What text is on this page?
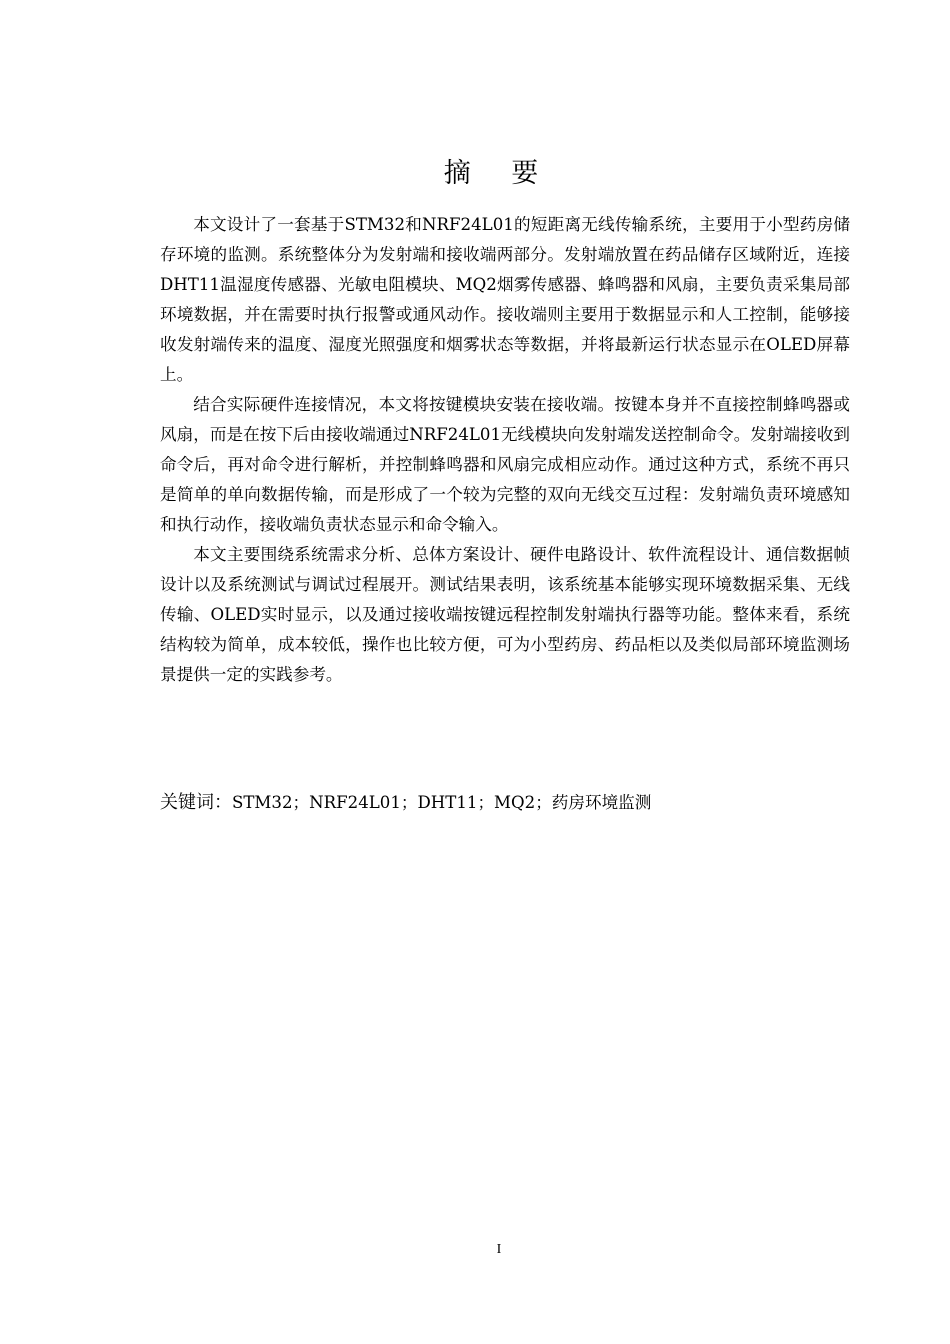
摘 要

本文设计了一套基于STM32和NRF24L01的短距离无线传输系统，主要用于小型药房储存环境的监测。系统整体分为发射端和接收端两部分。发射端放置在药品储存区域附近，连接DHT11温湿度传感器、光敏电阻模块、MQ2烟雾传感器、蜂鸣器和风扇，主要负责采集局部环境数据，并在需要时执行报警或通风动作。接收端则主要用于数据显示和人工控制，能够接收发射端传来的温度、湿度光照强度和烟雾状态等数据，并将最新运行状态显示在OLED屏幕上。

结合实际硬件连接情况，本文将按键模块安装在接收端。按键本身并不直接控制蜂鸣器或风扇，而是在按下后由接收端通过NRF24L01无线模块向发射端发送控制命令。发射端接收到命令后，再对命令进行解析，并控制蜂鸣器和风扇完成相应动作。通过这种方式，系统不再只是简单的单向数据传输，而是形成了一个较为完整的双向无线交互过程：发射端负责环境感知和执行动作，接收端负责状态显示和命令输入。

本文主要围绕系统需求分析、总体方案设计、硬件电路设计、软件流程设计、通信数据帧设计以及系统测试与调试过程展开。测试结果表明，该系统基本能够实现环境数据采集、无线传输、OLED实时显示，以及通过接收端按键远程控制发射端执行器等功能。整体来看，系统结构较为简单，成本较低，操作也比较方便，可为小型药房、药品柜以及类似局部环境监测场景提供一定的实践参考。

关键词：STM32；NRF24L01；DHT11；MQ2；药房环境监测
I
